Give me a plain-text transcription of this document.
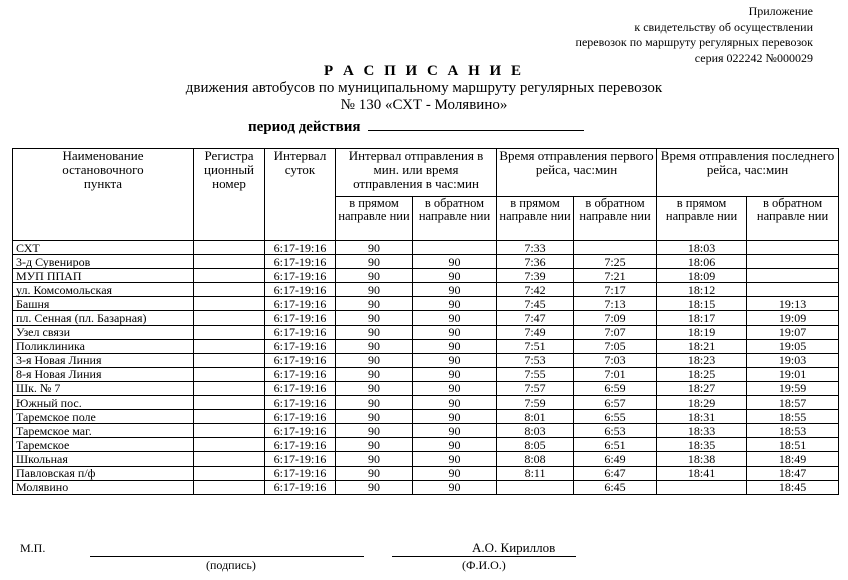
Приложение
к свидетельству об осуществлении
перевозок по маршруту регулярных перевозок
серия 022242 №000029
Р А С П И С А Н И Е
движения автобусов по муниципальному маршруту регулярных перевозок
№ 130 «СХТ - Молявино»
период действия
Наименование остановочного пункта	Регистра ционный номер	Интервал суток	Интервал отправления в мин. или время отправления в час:мин		Время отправления первого рейса, час:мин		Время отправления последнего рейса, час:мин	
			в прямом направле нии	в обратном направле нии	в прямом направле нии	в обратном направле нии	в прямом направле нии	в обратном направле нии
СХТ		6:17-19:16	90		7:33		18:03	
3-д Сувениров		6:17-19:16	90	90	7:36	7:25	18:06	
МУП ППАП		6:17-19:16	90	90	7:39	7:21	18:09	
ул. Комсомольская		6:17-19:16	90	90	7:42	7:17	18:12	
Башня		6:17-19:16	90	90	7:45	7:13	18:15	19:13
пл. Сенная (пл. Базарная)		6:17-19:16	90	90	7:47	7:09	18:17	19:09
Узел связи		6:17-19:16	90	90	7:49	7:07	18:19	19:07
Поликлиника		6:17-19:16	90	90	7:51	7:05	18:21	19:05
3-я Новая Линия		6:17-19:16	90	90	7:53	7:03	18:23	19:03
8-я Новая Линия		6:17-19:16	90	90	7:55	7:01	18:25	19:01
Шк. № 7		6:17-19:16	90	90	7:57	6:59	18:27	19:59
Южный пос.		6:17-19:16	90	90	7:59	6:57	18:29	18:57
Таремское поле		6:17-19:16	90	90	8:01	6:55	18:31	18:55
Таремское маг.		6:17-19:16	90	90	8:03	6:53	18:33	18:53
Таремское		6:17-19:16	90	90	8:05	6:51	18:35	18:51
Школьная		6:17-19:16	90	90	8:08	6:49	18:38	18:49
Павловская п/ф		6:17-19:16	90	90	8:11	6:47	18:41	18:47
Молявино		6:17-19:16	90	90		6:45		18:45
М.П.	А.О. Кириллов
(подпись)	(Ф.И.О.)
